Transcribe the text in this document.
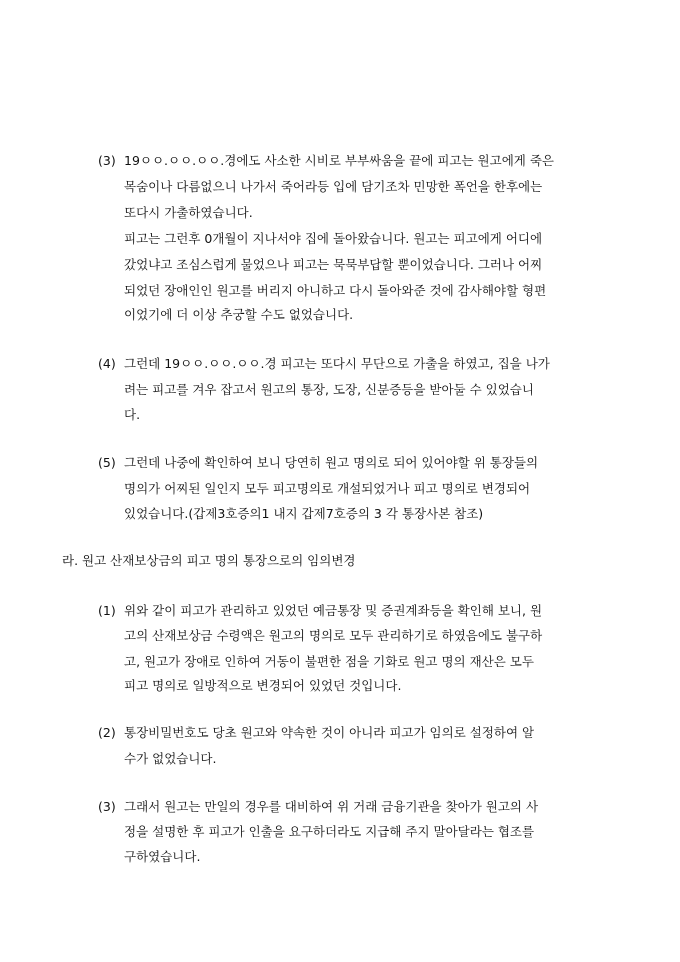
(3) 19ㅇㅇ.ㅇㅇ.ㅇㅇ.경에도 사소한 시비로 부부싸움을 끝에 피고는 원고에게 죽은
목숨이나 다름없으니 나가서 죽어라등 입에 담기조차 민망한 폭언을 한후에는
또다시 가출하였습니다.
피고는 그런후 0개월이 지나서야 집에 돌아왔습니다. 원고는 피고에게 어디에
갔었냐고 조심스럽게 물었으나 피고는 묵묵부답할 뿐이었습니다. 그러나 어찌
되었던 장애인인 원고를 버리지 아니하고 다시 돌아와준 것에 감사해야할 형편
이었기에 더 이상 추궁할 수도 없었습니다.
(4) 그런데 19ㅇㅇ.ㅇㅇ.ㅇㅇ.경 피고는 또다시 무단으로 가출을 하였고, 집을 나가
려는 피고를 겨우 잡고서 원고의 통장, 도장, 신분증등을 받아둘 수 있었습니
다.
(5) 그런데 나중에 확인하여 보니 당연히 원고 명의로 되어 있어야할 위 통장들의
명의가 어찌된 일인지 모두 피고명의로 개설되었거나 피고 명의로 변경되어
있었습니다.(갑제3호증의1 내지 갑제7호증의 3 각 통장사본 참조)
라. 원고 산재보상금의 피고 명의 통장으로의 임의변경
(1) 위와 같이 피고가 관리하고 있었던 예금통장 및 증권계좌등을 확인해 보니, 원
고의 산재보상금 수령액은 원고의 명의로 모두 관리하기로 하였음에도 불구하
고, 원고가 장애로 인하여 거동이 불편한 점을 기화로 원고 명의 재산은 모두
피고 명의로 일방적으로 변경되어 있었던 것입니다.
(2) 통장비밀번호도 당초 원고와 약속한 것이 아니라 피고가 임의로 설정하여 알
수가 없었습니다.
(3) 그래서 원고는 만일의 경우를 대비하여 위 거래 금융기관을 찾아가 원고의 사
정을 설명한 후 피고가 인출을 요구하더라도 지급해 주지 말아달라는 협조를
구하였습니다.
